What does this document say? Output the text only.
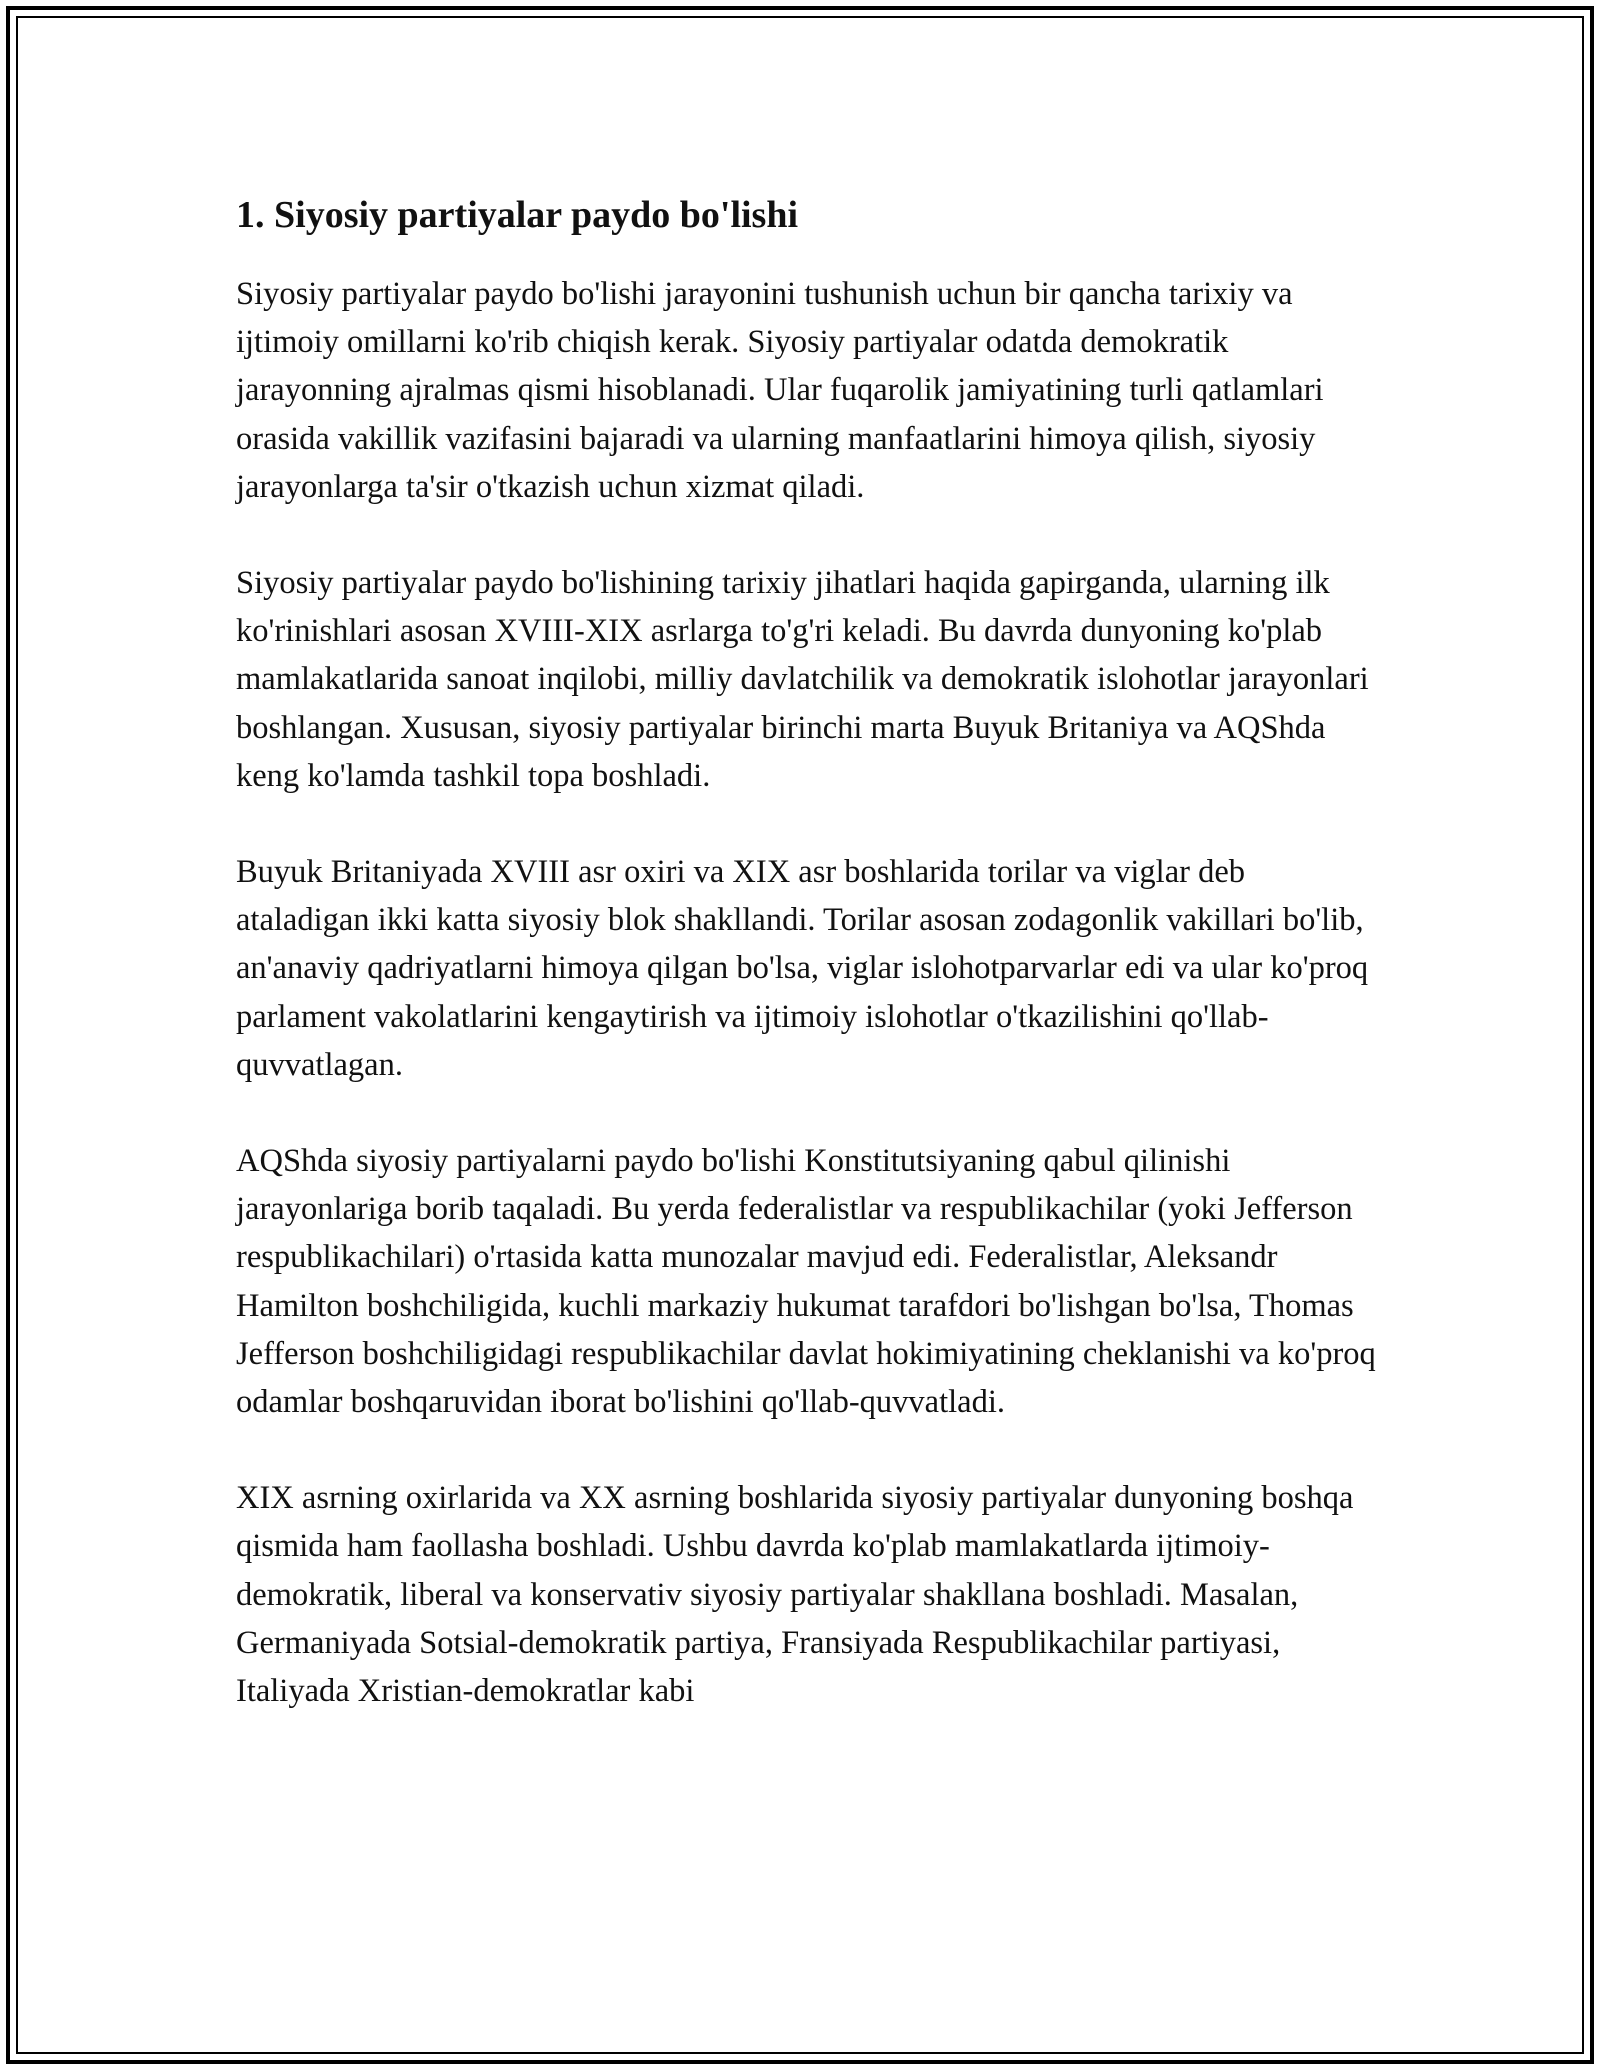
1. Siyosiy partiyalar paydo bo'lishi

Siyosiy partiyalar paydo bo'lishi jarayonini tushunish uchun bir qancha tarixiy va ijtimoiy omillarni ko'rib chiqish kerak. Siyosiy partiyalar odatda demokratik jarayonning ajralmas qismi hisoblanadi. Ular fuqarolik jamiyatining turli qatlamlari orasida vakillik vazifasini bajaradi va ularning manfaatlarini himoya qilish, siyosiy jarayonlarga ta'sir o'tkazish uchun xizmat qiladi.

Siyosiy partiyalar paydo bo'lishining tarixiy jihatlari haqida gapirganda, ularning ilk ko'rinishlari asosan XVIII-XIX asrlarga to'g'ri keladi. Bu davrda dunyoning ko'plab mamlakatlarida sanoat inqilobi, milliy davlatchilik va demokratik islohotlar jarayonlari boshlangan. Xususan, siyosiy partiyalar birinchi marta Buyuk Britaniya va AQShda keng ko'lamda tashkil topa boshladi.

Buyuk Britaniyada XVIII asr oxiri va XIX asr boshlarida torilar va viglar deb ataladigan ikki katta siyosiy blok shakllandi. Torilar asosan zodagonlik vakillari bo'lib, an'anaviy qadriyatlarni himoya qilgan bo'lsa, viglar islohotparvarlar edi va ular ko'proq parlament vakolatlarini kengaytirish va ijtimoiy islohotlar o'tkazilishini qo'llab-quvvatlagan.

AQShda siyosiy partiyalarni paydo bo'lishi Konstitutsiyaning qabul qilinishi jarayonlariga borib taqaladi. Bu yerda federalistlar va respublikachilar (yoki Jefferson respublikachilari) o'rtasida katta munozalar mavjud edi. Federalistlar, Aleksandr Hamilton boshchiligida, kuchli markaziy hukumat tarafdori bo'lishgan bo'lsa, Thomas Jefferson boshchiligidagi respublikachilar davlat hokimiyatining cheklanishi va ko'proq odamlar boshqaruvidan iborat bo'lishini qo'llab-quvvatladi.

XIX asrning oxirlarida va XX asrning boshlarida siyosiy partiyalar dunyoning boshqa qismida ham faollasha boshladi. Ushbu davrda ko'plab mamlakatlarda ijtimoiy-demokratik, liberal va konservativ siyosiy partiyalar shakllana boshladi. Masalan, Germaniyada Sotsial-demokratik partiya, Fransiyada Respublikachilar partiyasi, Italiyada Xristian-demokratlar kabi
